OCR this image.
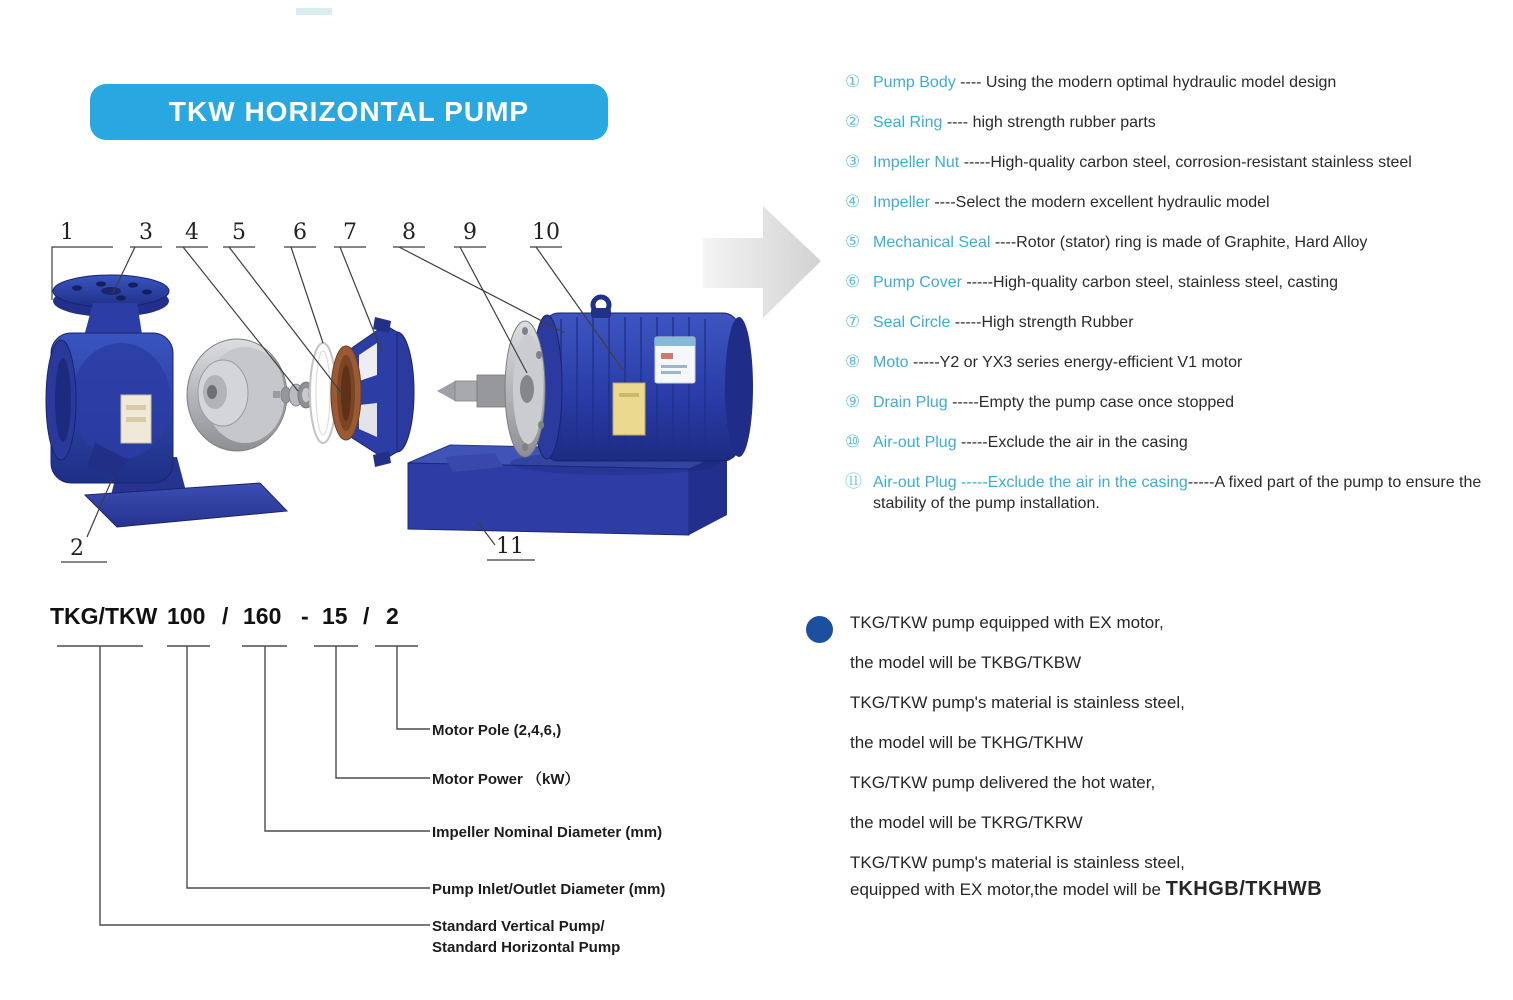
TKW HORIZONTAL PUMP
1	3 4 5 6 7 8 9	10
2	11
① Pump Body ---- Using the modern optimal hydraulic model design
② Seal Ring ---- high strength rubber parts
③ Impeller Nut -----High-quality carbon steel, corrosion-resistant stainless steel
④ Impeller ----Select the modern excellent hydraulic model
⑤ Mechanical Seal ----Rotor (stator) ring is made of Graphite, Hard Alloy
⑥ Pump Cover -----High-quality carbon steel, stainless steel, casting
⑦ Seal Circle -----High strength Rubber
⑧ Moto -----Y2 or YX3 series energy-efficient V1 motor
⑨ Drain Plug -----Empty the pump case once stopped
⑩ Air-out Plug -----Exclude the air in the casing
⑪ Air-out Plug -----Exclude the air in the casing-----A fixed part of the pump to ensure the stability of the pump installation.
TKG/TKW 100 / 160 - 15 / 2
Motor Pole (2,4,6,)
Motor Power （kW）
Impeller Nominal Diameter (mm)
Pump Inlet/Outlet Diameter (mm)
Standard Vertical Pump/
Standard Horizontal Pump
TKG/TKW pump equipped with EX motor,
the model will be TKBG/TKBW
TKG/TKW pump's material is stainless steel,
the model will be TKHG/TKHW
TKG/TKW pump delivered the hot water,
the model will be TKRG/TKRW
TKG/TKW pump's material is stainless steel,
equipped with EX motor,the model will be TKHGB/TKHWB
